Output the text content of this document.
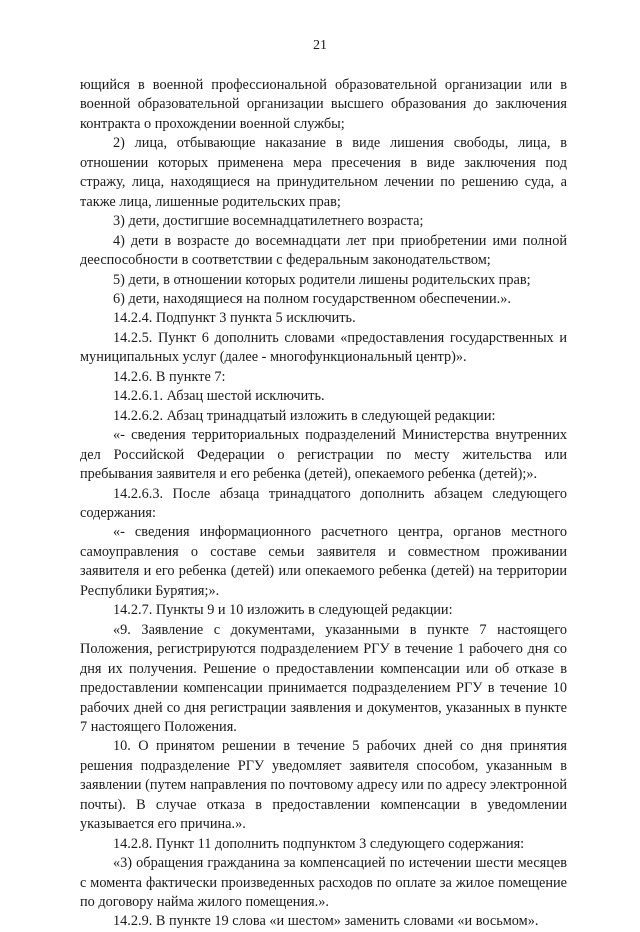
21

ющийся в военной профессиональной образовательной организации или в военной образовательной организации высшего образования до заключения контракта о прохождении военной службы;

2) лица, отбывающие наказание в виде лишения свободы, лица, в отношении которых применена мера пресечения в виде заключения под стражу, лица, находящиеся на принудительном лечении по решению суда, а также лица, лишенные родительских прав;

3) дети, достигшие восемнадцатилетнего возраста;

4) дети в возрасте до восемнадцати лет при приобретении ими полной дееспособности в соответствии с федеральным законодательством;

5) дети, в отношении которых родители лишены родительских прав;

6) дети, находящиеся на полном государственном обеспечении.».

14.2.4. Подпункт 3 пункта 5 исключить.

14.2.5. Пункт 6 дополнить словами «предоставления государственных и муниципальных услуг (далее - многофункциональный центр)».

14.2.6. В пункте 7:

14.2.6.1. Абзац шестой исключить.

14.2.6.2. Абзац тринадцатый изложить в следующей редакции:

«- сведения территориальных подразделений Министерства внутренних дел Российской Федерации о регистрации по месту жительства или пребывания заявителя и его ребенка (детей), опекаемого ребенка (детей);».

14.2.6.3. После абзаца тринадцатого дополнить абзацем следующего содержания:

«- сведения информационного расчетного центра, органов местного самоуправления о составе семьи заявителя и совместном проживании заявителя и его ребенка (детей) или опекаемого ребенка (детей) на территории Республики Бурятия;».

14.2.7. Пункты 9 и 10 изложить в следующей редакции:

«9. Заявление с документами, указанными в пункте 7 настоящего Положения, регистрируются подразделением РГУ в течение 1 рабочего дня со дня их получения. Решение о предоставлении компенсации или об отказе в предоставлении компенсации принимается подразделением РГУ в течение 10 рабочих дней со дня регистрации заявления и документов, указанных в пункте 7 настоящего Положения.

10. О принятом решении в течение 5 рабочих дней со дня принятия решения подразделение РГУ уведомляет заявителя способом, указанным в заявлении (путем направления по почтовому адресу или по адресу электронной почты). В случае отказа в предоставлении компенсации в уведомлении указывается его причина.».

14.2.8. Пункт 11 дополнить подпунктом 3 следующего содержания:

«3) обращения гражданина за компенсацией по истечении шести месяцев с момента фактически произведенных расходов по оплате за жилое помещение по договору найма жилого помещения.».

14.2.9. В пункте 19 слова «и шестом» заменить словами «и восьмом».
